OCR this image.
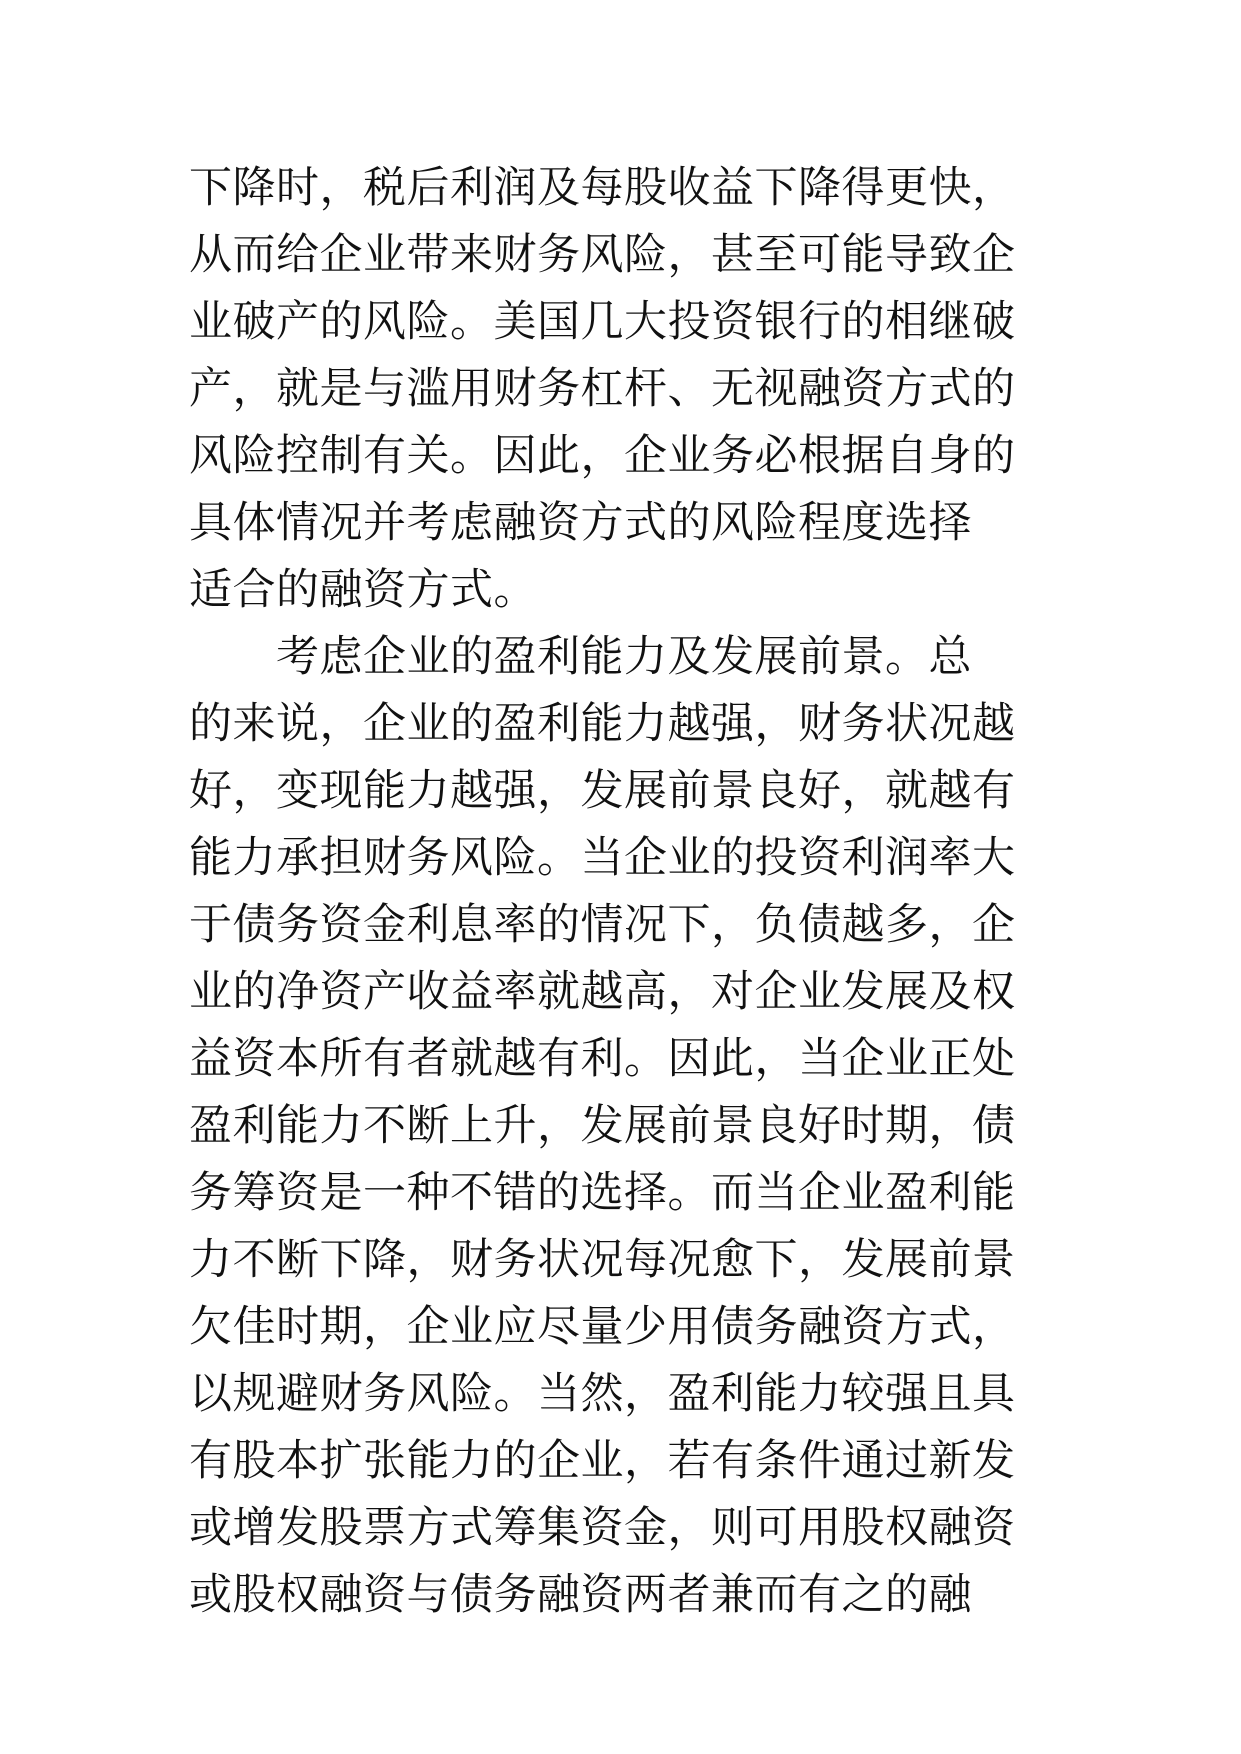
下降时，税后利润及每股收益下降得更快，
从而给企业带来财务风险，甚至可能导致企
业破产的风险。美国几大投资银行的相继破
产，就是与滥用财务杠杆、无视融资方式的
风险控制有关。因此，企业务必根据自身的
具体情况并考虑融资方式的风险程度选择
适合的融资方式。
　　考虑企业的盈利能力及发展前景。总
的来说，企业的盈利能力越强，财务状况越
好，变现能力越强，发展前景良好，就越有
能力承担财务风险。当企业的投资利润率大
于债务资金利息率的情况下，负债越多，企
业的净资产收益率就越高，对企业发展及权
益资本所有者就越有利。因此，当企业正处
盈利能力不断上升，发展前景良好时期，债
务筹资是一种不错的选择。而当企业盈利能
力不断下降，财务状况每况愈下，发展前景
欠佳时期，企业应尽量少用债务融资方式，
以规避财务风险。当然，盈利能力较强且具
有股本扩张能力的企业，若有条件通过新发
或增发股票方式筹集资金，则可用股权融资
或股权融资与债务融资两者兼而有之的融
